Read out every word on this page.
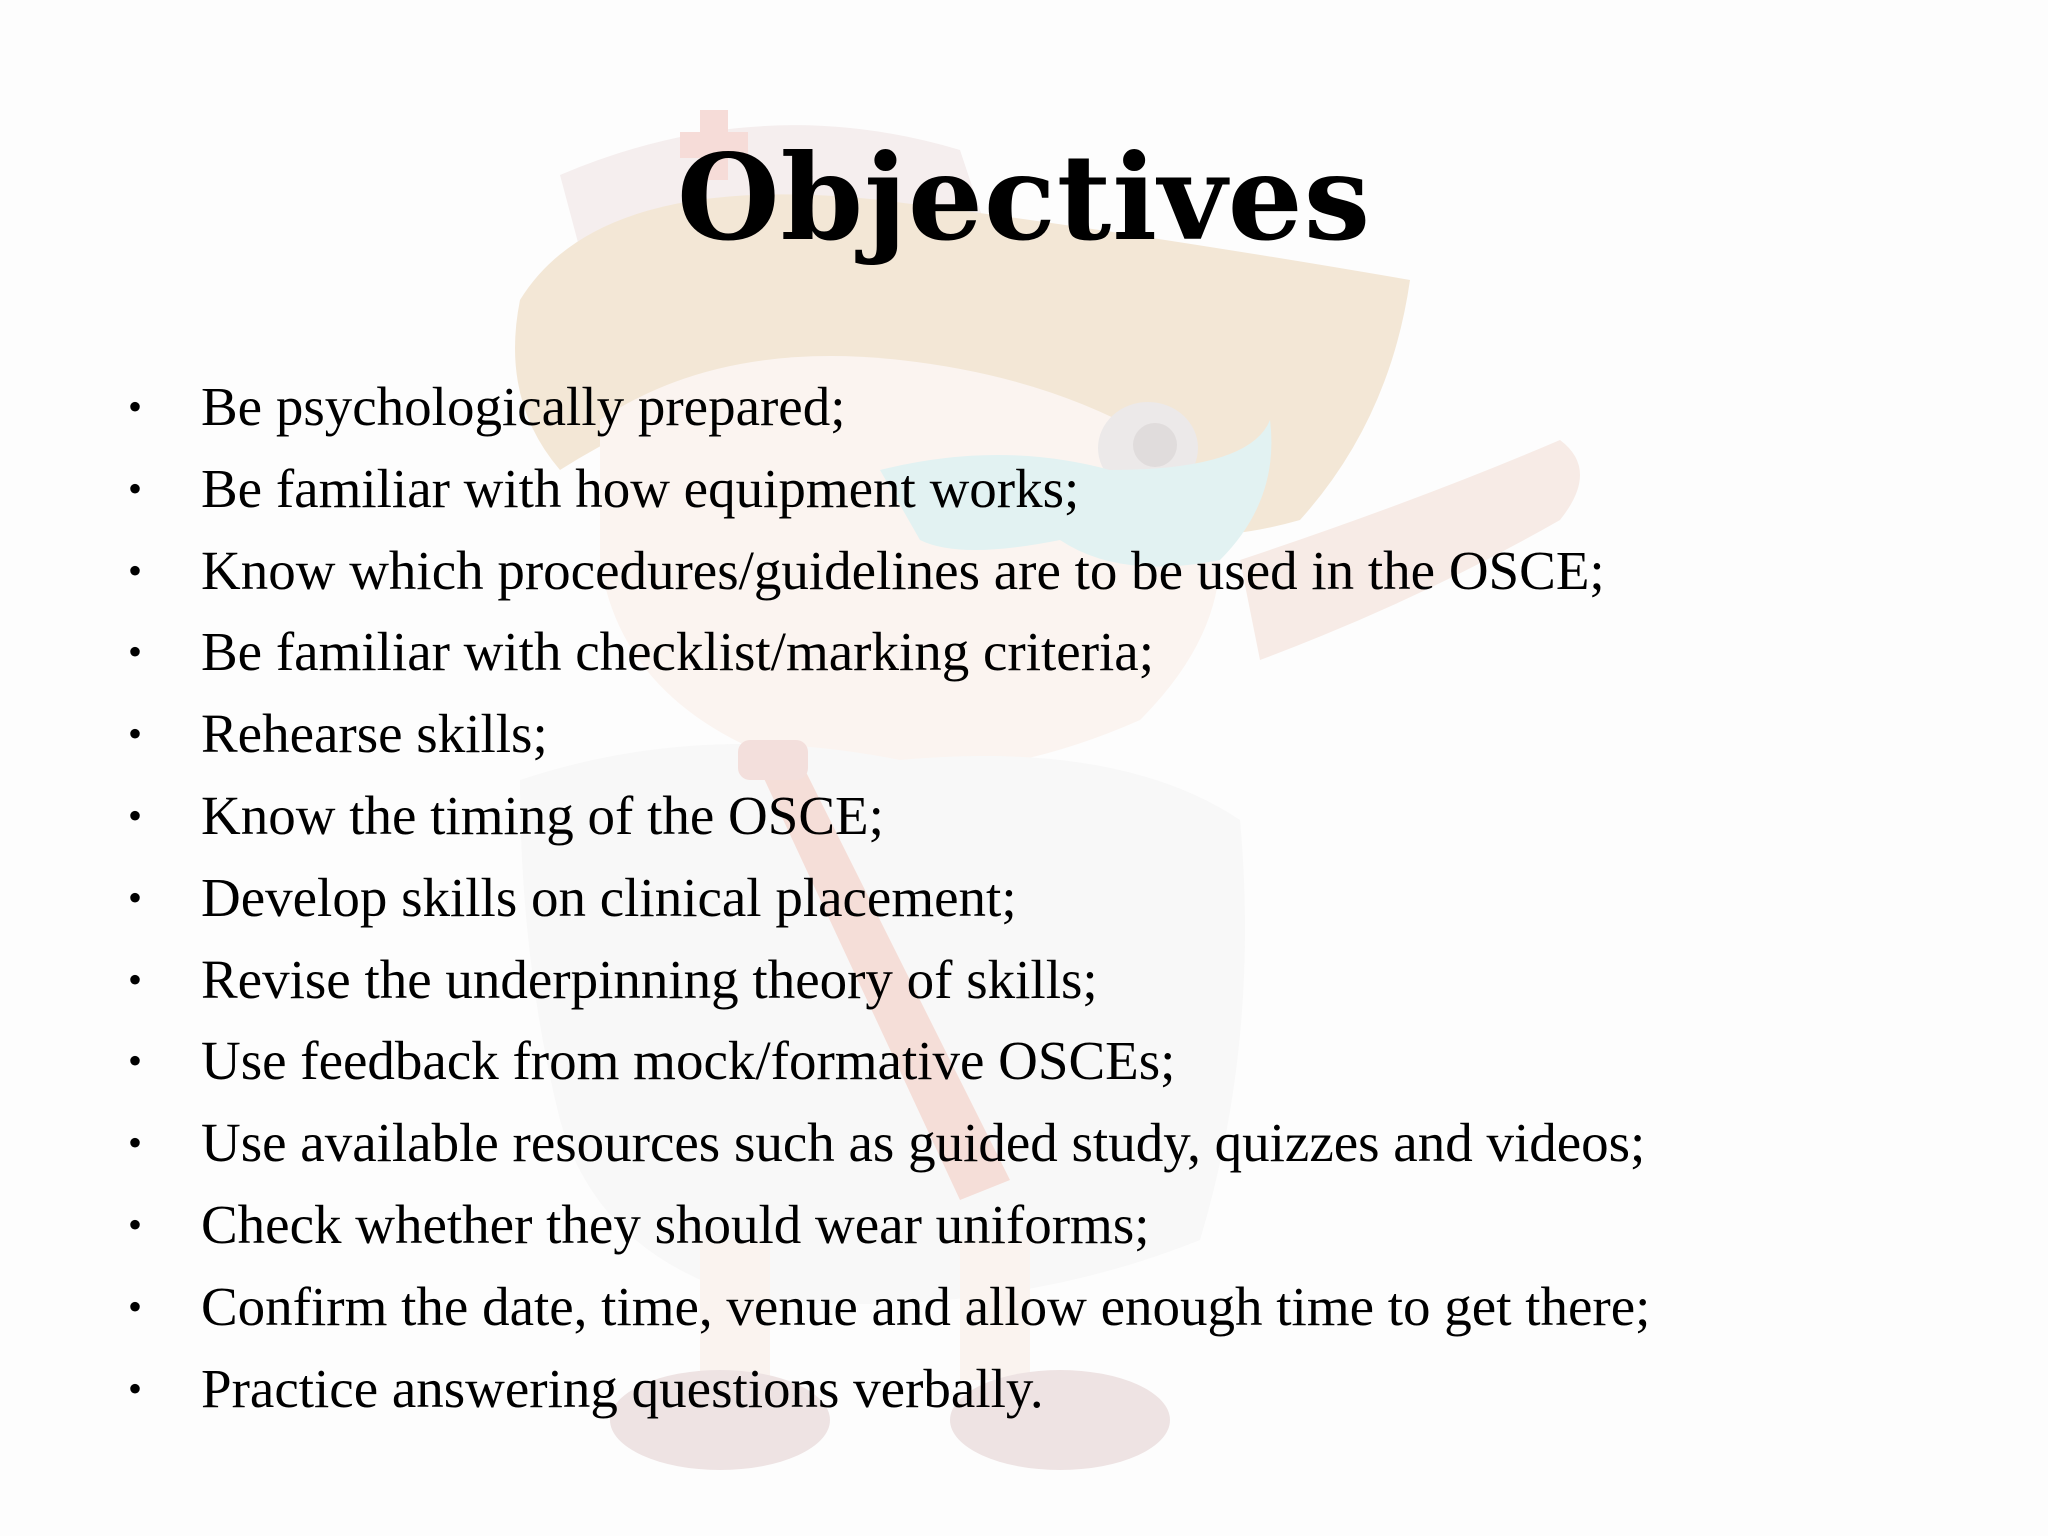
Objectives
• Be psychologically prepared;
• Be familiar with how equipment works;
• Know which procedures/guidelines are to be used in the OSCE;
• Be familiar with checklist/marking criteria;
• Rehearse skills;
• Know the timing of the OSCE;
• Develop skills on clinical placement;
• Revise the underpinning theory of skills;
• Use feedback from mock/formative OSCEs;
• Use available resources such as guided study, quizzes and videos;
• Check whether they should wear uniforms;
• Confirm the date, time, venue and allow enough time to get there;
• Practice answering questions verbally.
